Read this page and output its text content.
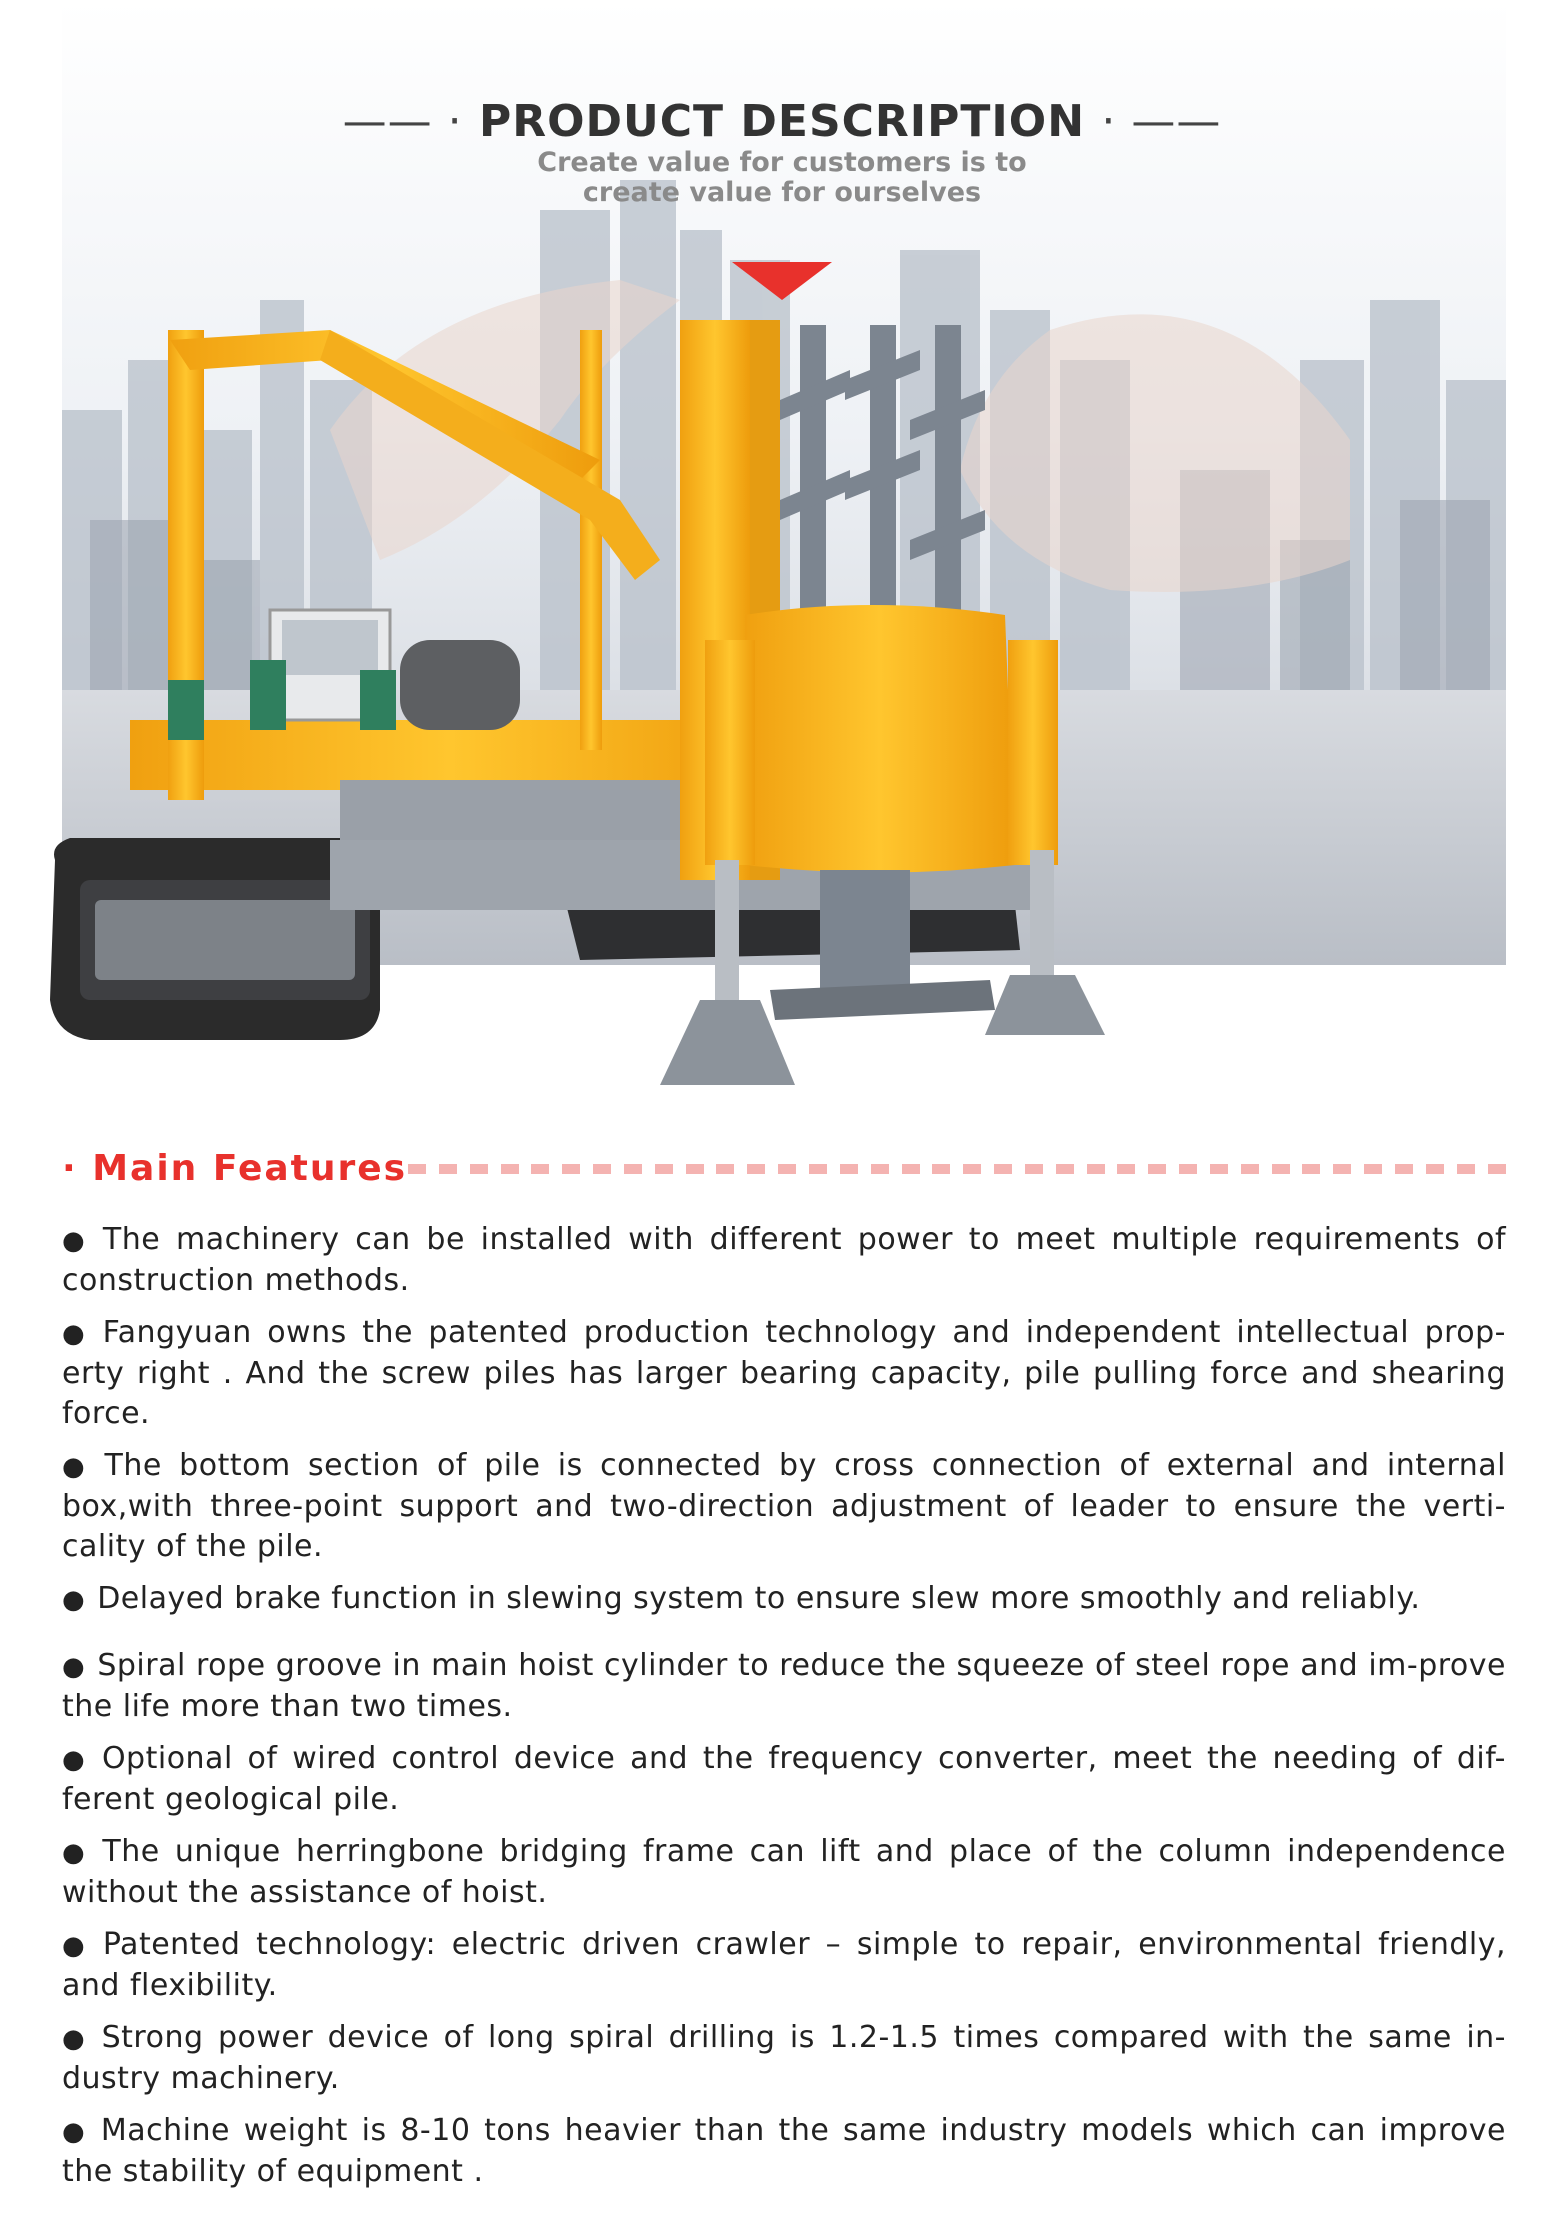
—— · PRODUCT DESCRIPTION · ——
Create value for customers is to
create value for ourselves
· Main Features
● The machinery can be installed with different power to meet multiple requirements of construction methods.
● Fangyuan owns the patented production technology and independent intellectual prop-erty right . And the screw piles has larger bearing capacity, pile pulling force and shearing force.
● The bottom section of pile is connected by cross connection of external and internal box,with three-point support and two-direction adjustment of leader to ensure the verti-cality of the pile.
● Delayed brake function in slewing system to ensure slew more smoothly and reliably.
● Spiral rope groove in main hoist cylinder to reduce the squeeze of steel rope and im-prove the life more than two times.
● Optional of wired control device and the frequency converter, meet the needing of dif-ferent geological pile.
● The unique herringbone bridging frame can lift and place of the column independence without the assistance of hoist.
● Patented technology: electric driven crawler – simple to repair, environmental friendly, and flexibility.
● Strong power device of long spiral drilling is 1.2-1.5 times compared with the same in-dustry machinery.
● Machine weight is 8-10 tons heavier than the same industry models which can improve the stability of equipment .
